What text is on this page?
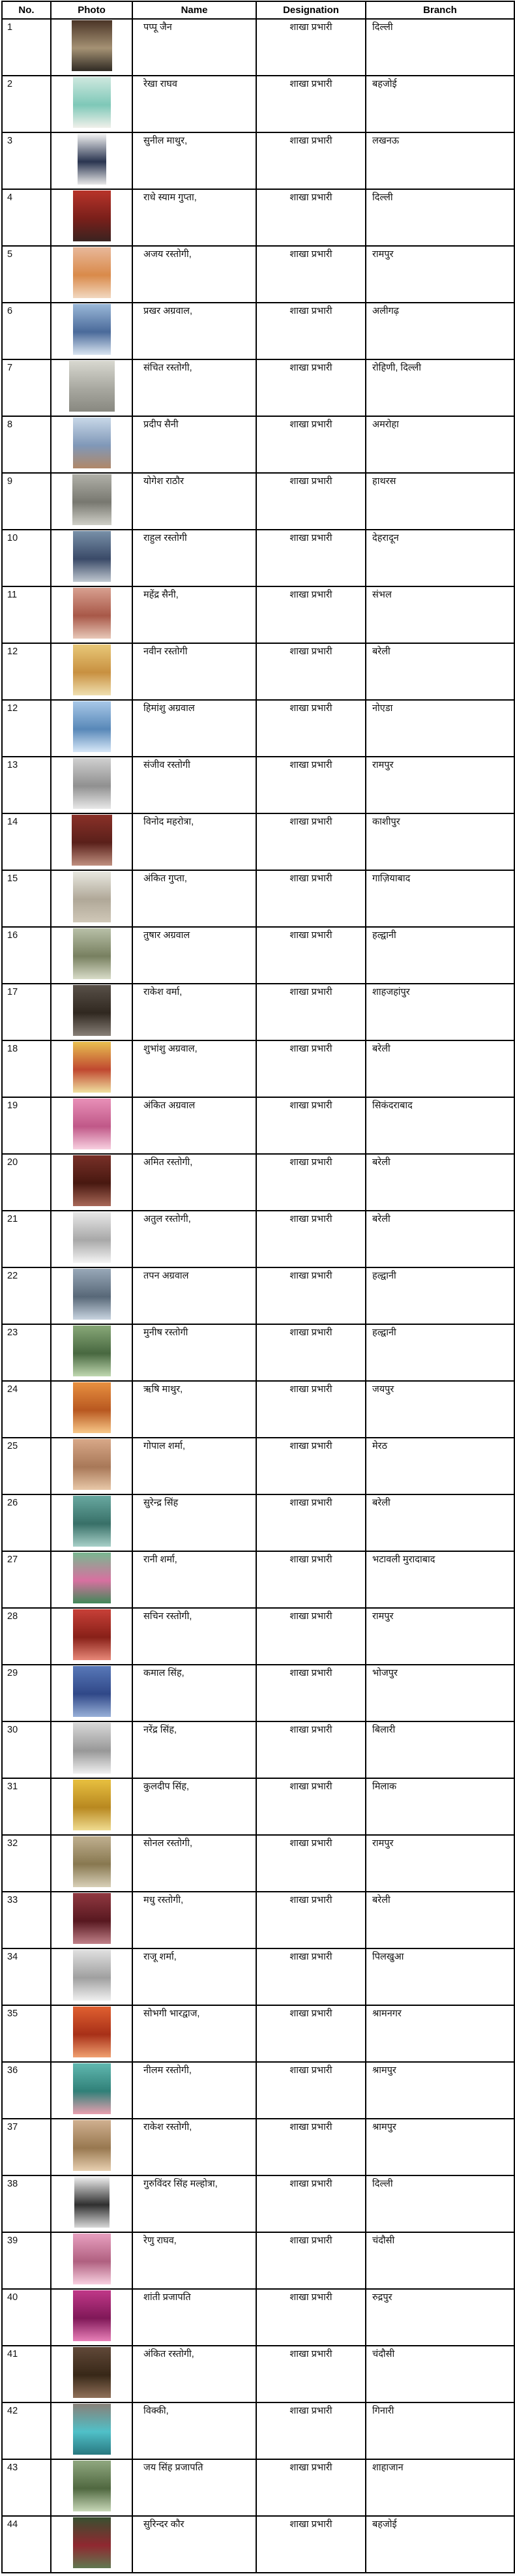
No.	Photo	Name	Designation	Branch
1		पप्पू जैन	शाखा प्रभारी	दिल्ली
2		रेखा राघव	शाखा प्रभारी	बहजोई
3		सुनील माथुर,	शाखा प्रभारी	लखनऊ
4		राधे स्याम गुप्ता,	शाखा प्रभारी	दिल्ली
5		अजय रस्तोगी,	शाखा प्रभारी	रामपुर
6		प्रखर अग्रवाल,	शाखा प्रभारी	अलीगढ़
7		संचित रस्तोगी,	शाखा प्रभारी	रोहिणी, दिल्ली
8		प्रदीप सैनी	शाखा प्रभारी	अमरोहा
9		योगेश राठौर	शाखा प्रभारी	हाथरस
10		राहुल रस्तोगी	शाखा प्रभारी	देहरादून
11		महेंद्र सैनी,	शाखा प्रभारी	संभल
12		नवीन रस्तोगी	शाखा प्रभारी	बरेली
12		हिमांशु अग्रवाल	शाखा प्रभारी	नोएडा
13		संजीव रस्तोगी	शाखा प्रभारी	रामपुर
14		विनोद महरोत्रा,	शाखा प्रभारी	काशीपुर
15		अंकित गुप्ता,	शाखा प्रभारी	गाज़ियाबाद
16		तुषार अग्रवाल	शाखा प्रभारी	हल्द्वानी
17		राकेश वर्मा,	शाखा प्रभारी	शाहजहांपुर
18		शुभांशु अग्रवाल,	शाखा प्रभारी	बरेली
19		अंकित अग्रवाल	शाखा प्रभारी	सिकंदराबाद
20		अमित रस्तोगी,	शाखा प्रभारी	बरेली
21		अतुल रस्तोगी,	शाखा प्रभारी	बरेली
22		तपन अग्रवाल	शाखा प्रभारी	हल्द्वानी
23		मुनीष रस्तोगी	शाखा प्रभारी	हल्द्वानी
24		ऋषि माथुर,	शाखा प्रभारी	जयपुर
25		गोपाल शर्मा,	शाखा प्रभारी	मेरठ
26		सुरेन्द्र सिंह	शाखा प्रभारी	बरेली
27		रानी शर्मा,	शाखा प्रभारी	भटावली मुरादाबाद
28		सचिन रस्तोगी,	शाखा प्रभारी	रामपुर
29		कमाल सिंह,	शाखा प्रभारी	भोजपुर
30		नरेंद्र सिंह,	शाखा प्रभारी	बिलारी
31		कुलदीप सिंह,	शाखा प्रभारी	मिलाक
32		सोनल रस्तोगी,	शाखा प्रभारी	रामपुर
33		मधु रस्तोगी,	शाखा प्रभारी	बरेली
34		राजू शर्मा,	शाखा प्रभारी	पिलखुआ
35		सोभगी भारद्वाज,	शाखा प्रभारी	श्रामनगर
36		नीलम रस्तोगी,	शाखा प्रभारी	श्रामपुर
37		राकेश रस्तोगी,	शाखा प्रभारी	श्रामपुर
38		गुरुविंदर सिंह मल्होत्रा,	शाखा प्रभारी	दिल्ली
39		रेणु राघव,	शाखा प्रभारी	चंदौसी
40		शांती प्रजापति	शाखा प्रभारी	रुद्रपुर
41		अंकित रस्तोगी,	शाखा प्रभारी	चंदौसी
42		विक्की,	शाखा प्रभारी	गिनारी
43		जय सिंह प्रजापति	शाखा प्रभारी	शाहाजान
44		सुरिन्दर कौर	शाखा प्रभारी	बहजोई
